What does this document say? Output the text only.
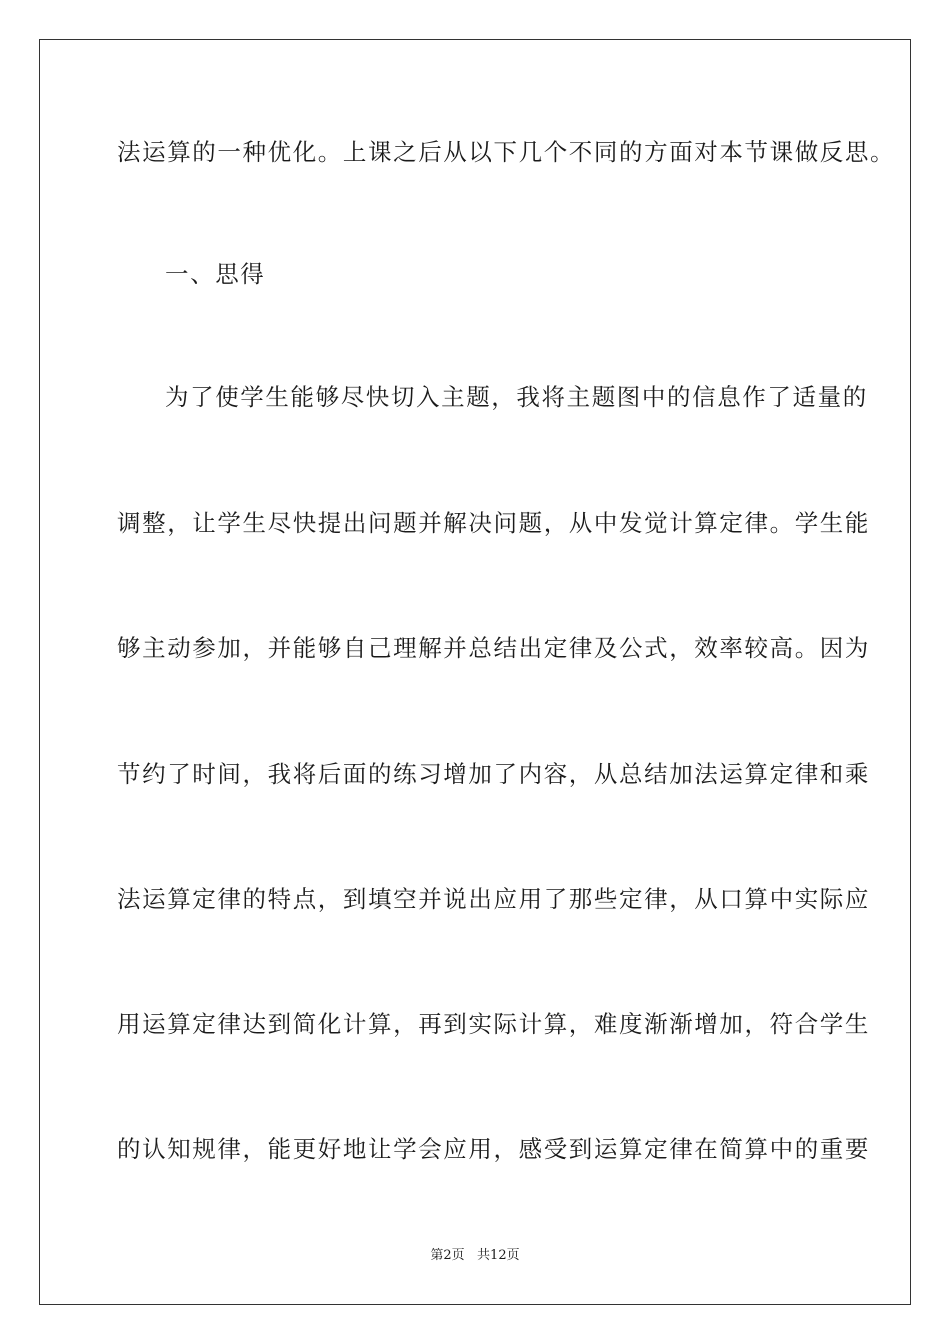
法运算的一种优化。上课之后从以下几个不同的方面对本节课做反思。
一、思得
为了使学生能够尽快切入主题，我将主题图中的信息作了适量的
调整，让学生尽快提出问题并解决问题，从中发觉计算定律。学生能
够主动参加，并能够自己理解并总结出定律及公式，效率较高。因为
节约了时间，我将后面的练习增加了内容，从总结加法运算定律和乘
法运算定律的特点，到填空并说出应用了那些定律，从口算中实际应
用运算定律达到简化计算，再到实际计算，难度渐渐增加，符合学生
的认知规律，能更好地让学会应用，感受到运算定律在简算中的重要
第2页   共12页
